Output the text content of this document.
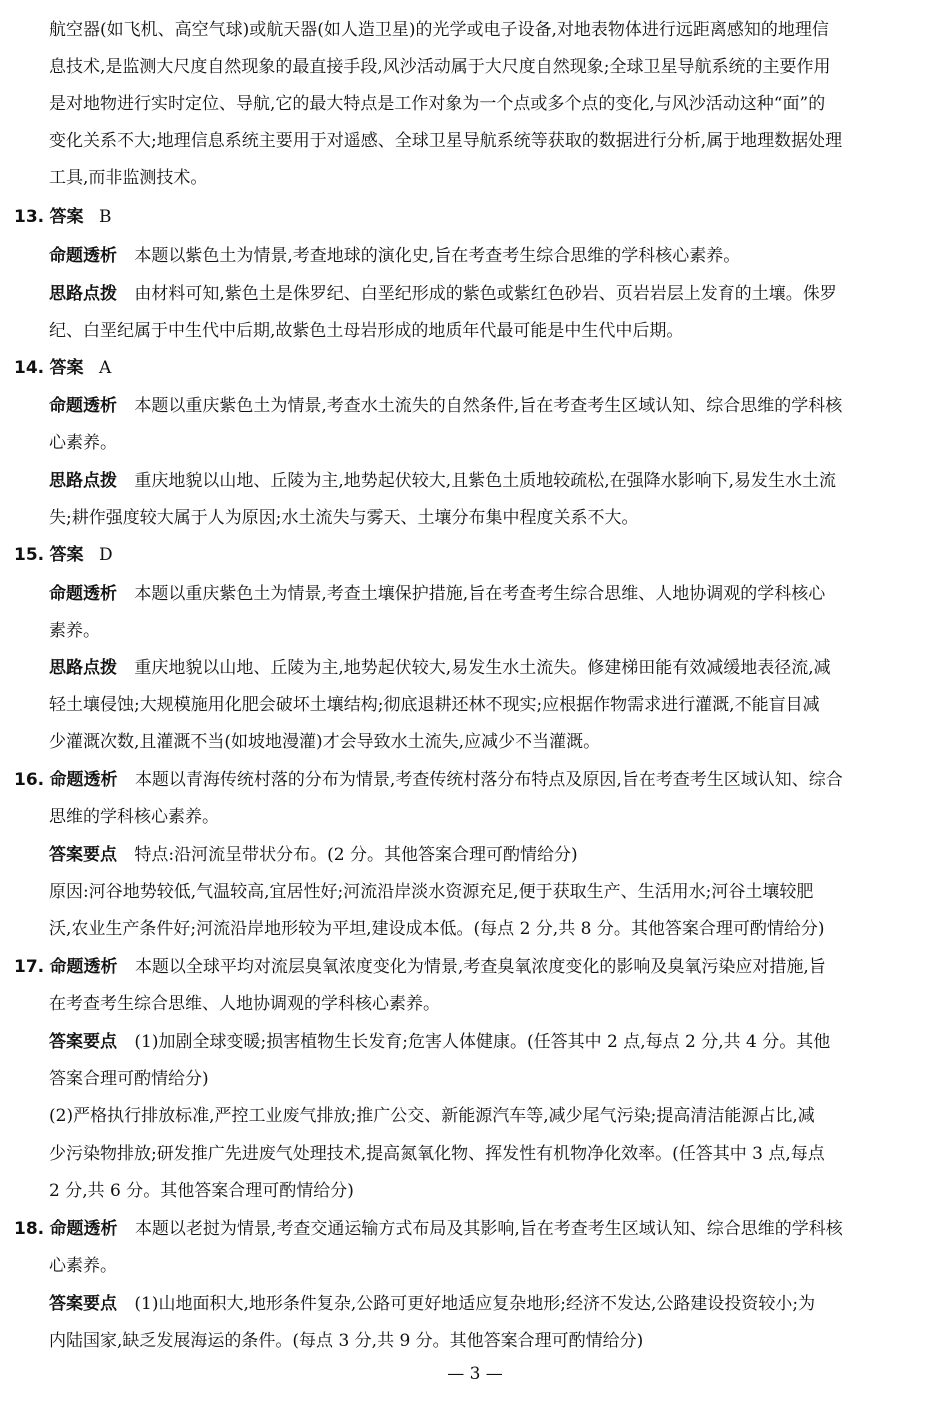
航空器(如飞机、高空气球)或航天器(如人造卫星)的光学或电子设备,对地表物体进行远距离感知的地理信
息技术,是监测大尺度自然现象的最直接手段,风沙活动属于大尺度自然现象;全球卫星导航系统的主要作用
是对地物进行实时定位、导航,它的最大特点是工作对象为一个点或多个点的变化,与风沙活动这种“面”的
变化关系不大;地理信息系统主要用于对遥感、全球卫星导航系统等获取的数据进行分析,属于地理数据处理
工具,而非监测技术。
13. 答案 B
命题透析 本题以紫色土为情景,考查地球的演化史,旨在考查考生综合思维的学科核心素养。
思路点拨 由材料可知,紫色土是侏罗纪、白垩纪形成的紫色或紫红色砂岩、页岩岩层上发育的土壤。侏罗
纪、白垩纪属于中生代中后期,故紫色土母岩形成的地质年代最可能是中生代中后期。
14. 答案 A
命题透析 本题以重庆紫色土为情景,考查水土流失的自然条件,旨在考查考生区域认知、综合思维的学科核
心素养。
思路点拨 重庆地貌以山地、丘陵为主,地势起伏较大,且紫色土质地较疏松,在强降水影响下,易发生水土流
失;耕作强度较大属于人为原因;水土流失与雾天、土壤分布集中程度关系不大。
15. 答案 D
命题透析 本题以重庆紫色土为情景,考查土壤保护措施,旨在考查考生综合思维、人地协调观的学科核心
素养。
思路点拨 重庆地貌以山地、丘陵为主,地势起伏较大,易发生水土流失。修建梯田能有效减缓地表径流,减
轻土壤侵蚀;大规模施用化肥会破坏土壤结构;彻底退耕还林不现实;应根据作物需求进行灌溉,不能盲目减
少灌溉次数,且灌溉不当(如坡地漫灌)才会导致水土流失,应减少不当灌溉。
16. 命题透析 本题以青海传统村落的分布为情景,考查传统村落分布特点及原因,旨在考查考生区域认知、综合
思维的学科核心素养。
答案要点 特点:沿河流呈带状分布。(2 分。其他答案合理可酌情给分)
原因:河谷地势较低,气温较高,宜居性好;河流沿岸淡水资源充足,便于获取生产、生活用水;河谷土壤较肥
沃,农业生产条件好;河流沿岸地形较为平坦,建设成本低。(每点 2 分,共 8 分。其他答案合理可酌情给分)
17. 命题透析 本题以全球平均对流层臭氧浓度变化为情景,考查臭氧浓度变化的影响及臭氧污染应对措施,旨
在考查考生综合思维、人地协调观的学科核心素养。
答案要点 (1)加剧全球变暖;损害植物生长发育;危害人体健康。(任答其中 2 点,每点 2 分,共 4 分。其他
答案合理可酌情给分)
(2)严格执行排放标准,严控工业废气排放;推广公交、新能源汽车等,减少尾气污染;提高清洁能源占比,减
少污染物排放;研发推广先进废气处理技术,提高氮氧化物、挥发性有机物净化效率。(任答其中 3 点,每点
2 分,共 6 分。其他答案合理可酌情给分)
18. 命题透析 本题以老挝为情景,考查交通运输方式布局及其影响,旨在考查考生区域认知、综合思维的学科核
心素养。
答案要点 (1)山地面积大,地形条件复杂,公路可更好地适应复杂地形;经济不发达,公路建设投资较小;为
内陆国家,缺乏发展海运的条件。(每点 3 分,共 9 分。其他答案合理可酌情给分)
— 3 —
